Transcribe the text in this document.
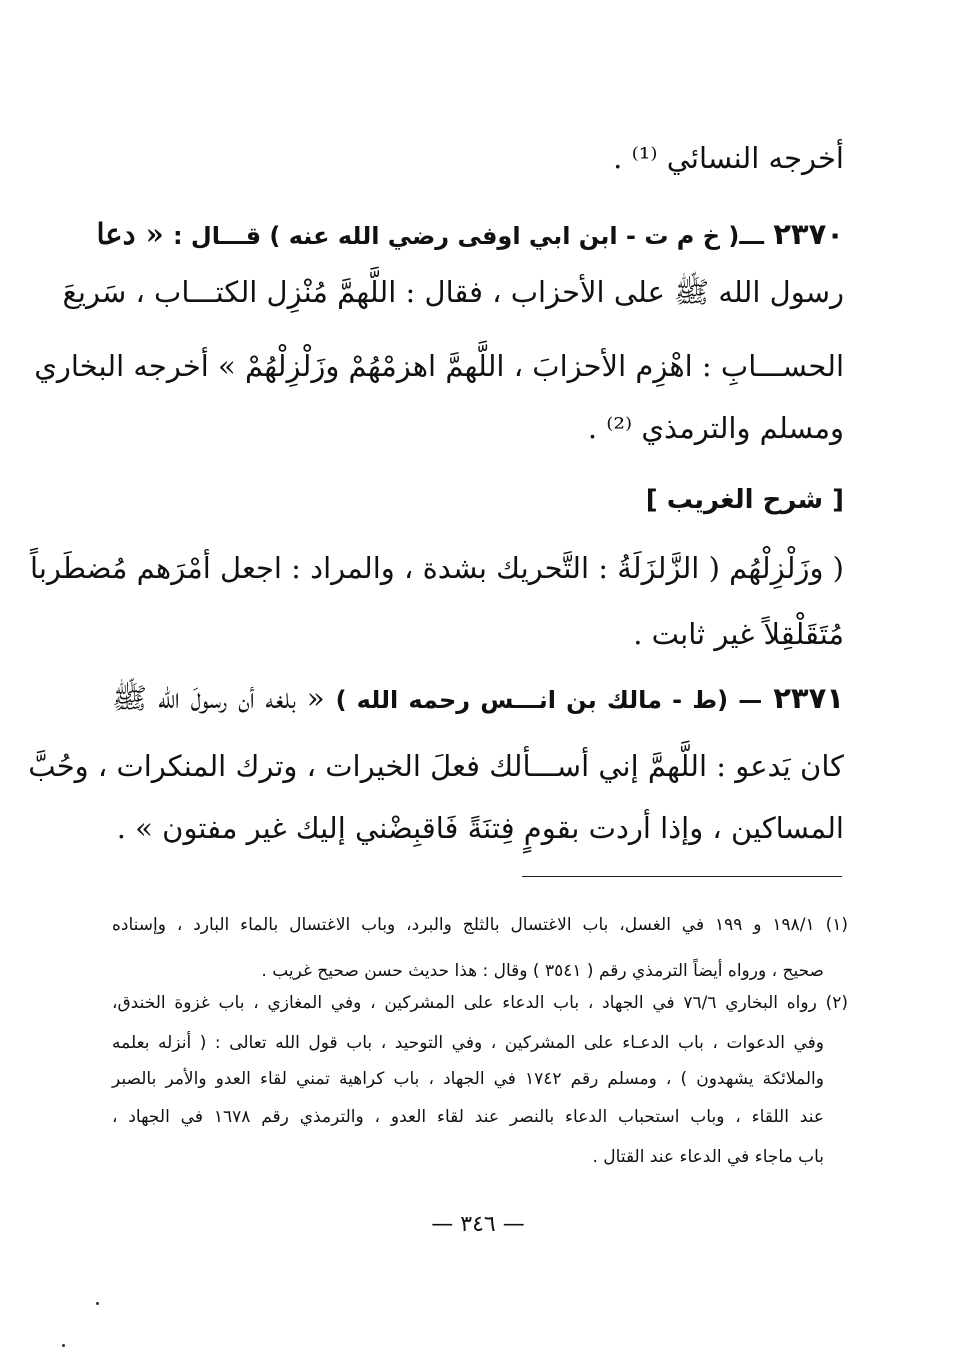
أخرجه النسائي ⁽¹⁾ .
٢٣٧٠ ـــ( خ م ت - ابن ابي اوفى رضي الله عنه ) قـــال : « دعا
رسول الله ﷺ على الأحزاب ، فقال : اللَّهمَّ مُنْزِل الكتـــاب ، سَريعَ
الحســـابِ : اهْزِم الأحزابَ ، اللَّهمَّ اهزمْهُمْ وزَلْزِلْهُمْ » أخرجه البخاري
ومسلم والترمذي ⁽²⁾ .
[ شرح الغريب ]
( وزَلْزِلْهُم ( الزَّلزَلَةُ : التَّحريك بشدة ، والمراد : اجعل أمْرَهم مُضطَرباً
مُتَقَلْقِلاً غير ثابت .
٢٣٧١ — (ط - مالك بن انـــس رحمه الله ) « بلغه أن رسولَ الله ﷺ
كان يَدعو : اللَّهمَّ إني أســـألك فعلَ الخيرات ، وترك المنكرات ، وحُبَّ
المساكين ، وإذا أردت بقومٍ فِتنَةً فَاقبِضْني إليك غير مفتون » .
(١) ١٩٨/١ و ١٩٩ في الغسل، باب الاغتسال بالثلج والبرد، وباب الاغتسال بالماء البارد ، وإسناده
صحيح ، ورواه أيضاً الترمذي رقم ( ٣٥٤١ ) وقال : هذا حديث حسن صحيح غريب .
(٢) رواه البخاري ٧٦/٦ في الجهاد ، باب الدعاء على المشركين ، وفي المغازي ، باب غزوة الخندق،
وفي الدعوات ، باب الدعـاء على المشركين ، وفي التوحيد ، باب قول الله تعالى : ( أنزله بعلمه
والملائكة يشهدون ) ، ومسلم رقم ١٧٤٢ في الجهاد ، باب كراهية تمني لقاء العدو والأمر بالصبر
عند اللقاء ، وباب استحباب الدعاء بالنصر عند لقاء العدو ، والترمذي رقم ١٦٧٨ في الجهاد ،
باب ماجاء في الدعاء عند القتال .
— ٣٤٦ —
